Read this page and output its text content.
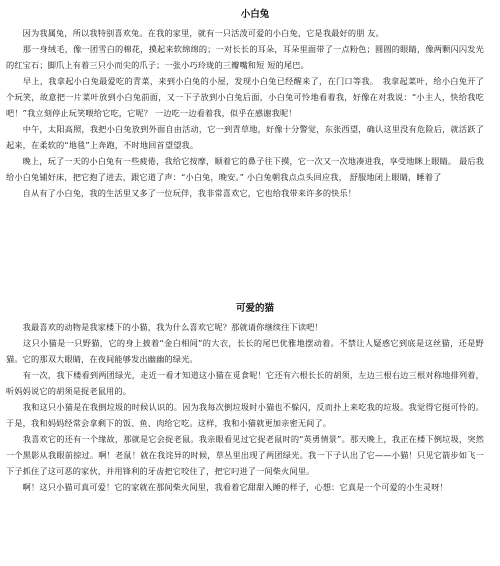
小白兔

　　因为我属兔，所以我特别喜欢兔。在我的家里，就有一只活泼可爱的小白兔，它是我最好的朋 友。

　　那一身绒毛，像一团雪白的棉花，摸起来软绵绵的；一对长长的耳朵，耳朵里面带了一点粉色；圆圆的眼睛，像两颗闪闪发光的红宝石；脚爪上有着三只小而尖的爪子；一张小巧玲珑的三瓣嘴和短 短的尾巴。

　　早上，我拿起小白兔最爱吃的青菜，来到小白兔的小屋，发现小白兔已经醒来了，在门口等我。　我拿起菜叶，给小白兔开了个玩笑，故意把一片菜叶放到小白兔前面，又一下子放到小白兔后面，小白兔可怜地看着我，好像在对我说：“小主人，快给我吃吧！”我立刻停止玩笑喂给它吃，它呢？ 一边吃一边看着我，似乎在感谢我呢！

　　中午，太阳高照，我把小白兔放到外面自由活动，它一到青草地，好像十分警觉，东张西望，确认这里没有危险后，就活跃了起来，在柔软的“地毯”上奔跑，不时地回首望望我。

　　晚上，玩了一天的小白兔有一些疲倦，我给它按摩，顺着它的鼻子往下摸，它一次又一次地凑进我，享受地眯上眼睛。 最后我给小白兔铺好床，把它抱了进去，跟它道了声：“小白兔，晚安。” 小白兔朝我点点头回应我， 舒服地闭上眼睛，睡着了

　　自从有了小白兔，我的生活里又多了一位玩伴，我非常喜欢它，它也给我带来许多的快乐！

可爱的猫

　　我最喜欢的动物是我家楼下的小猫，我为什么喜欢它呢？那就请你继续往下读吧！

　　这只小猫是一只野猫，它的身上披着“金白相间”的大衣，长长的尾巴优雅地摆动着。不禁让人疑惑它到底是这丝猫，还是野猫。它的那双大眼睛，在夜间能够发出幽幽的绿光。

　　有一次，我下楼看到两团绿光，走近一看才知道这小猫在觅食呢！它还有六根长长的胡须，左边三根右边三根对称地排列着，听妈妈说它的胡须是捉老鼠用的。

　　我和这只小猫是在我倒垃圾的时候认识的。因为我每次倒垃圾时小猫也不躲闪，反而扑上来吃我的垃圾。我觉得它挺可怜的。于是，我和妈妈经常会拿剩下的饭、鱼、肉给它吃。这样，我和小猫就更加亲密无间了。

　　我喜欢它的还有一个缘故，那就是它会捉老鼠。我亲眼看见过它捉老鼠时的“英勇情景”。那天晚上，我正在楼下倒垃圾，突然一个黑影从我眼前掠过。啊！老鼠！就在我诧异的时候，草丛里出现了两团绿光。我一下子认出了它——小猫！只见它箭步如飞一下子抓住了这可恶的家伙，并用锋利的牙齿把它咬住了，把它叼进了一间柴火间里。

　　啊！这只小猫可真可爱！它的家就在那间柴火间里，我看着它甜甜入睡的样子，心想：它真是一个可爱的小生灵呀！
